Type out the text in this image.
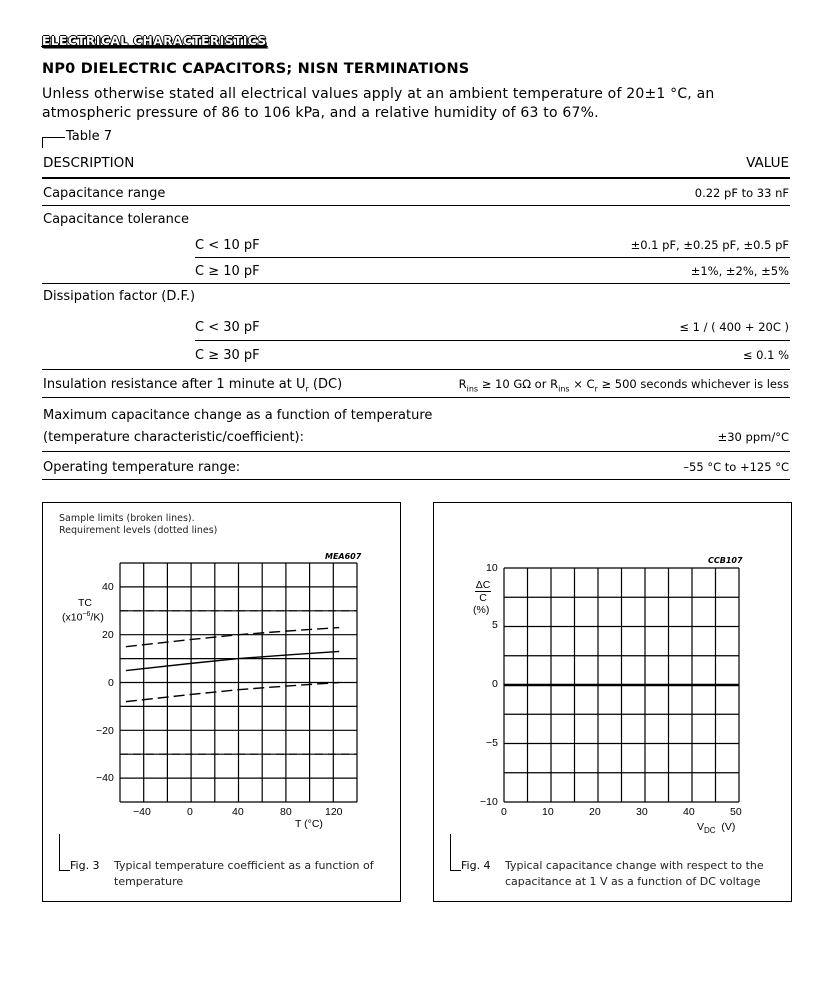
ELECTRICAL CHARACTERISTICS
NP0 DIELECTRIC CAPACITORS; NISN TERMINATIONS
Unless otherwise stated all electrical values apply at an ambient temperature of 20±1 °C, an atmospheric pressure of 86 to 106 kPa, and a relative humidity of 63 to 67%.
Table 7
DESCRIPTION	VALUE
Capacitance range	0.22 pF to 33 nF
Capacitance tolerance
C < 10 pF	±0.1 pF, ±0.25 pF, ±0.5 pF
C ≥ 10 pF	±1%, ±2%, ±5%
Dissipation factor (D.F.)
C < 30 pF	≤ 1 / ( 400 + 20C )
C ≥ 30 pF	≤ 0.1 %
Insulation resistance after 1 minute at $U_r$ (DC)	$R_{ins} \ge 10$ GΩ or $R_{ins} \times C_r \ge 500$ seconds whichever is less
Maximum capacitance change as a function of temperature
(temperature characteristic/coefficient):	±30 ppm/°C
Operating temperature range:	–55 °C to +125 °C
Sample limits (broken lines).
Requirement levels (dotted lines)
MEA607
TC
$(x10^{-6}/K)$
40
20
0
−20
−40
−40	0	40	80	120
T (°C)
Fig. 3 Typical temperature coefficient as a function of
temperature
CCB107
ΔC
C
(%)
10
5
0
−5
−10
0	10	20	30	40	50
$V_{DC}$  (V)
Fig. 4 Typical capacitance change with respect to the
capacitance at 1 V as a function of DC voltage
